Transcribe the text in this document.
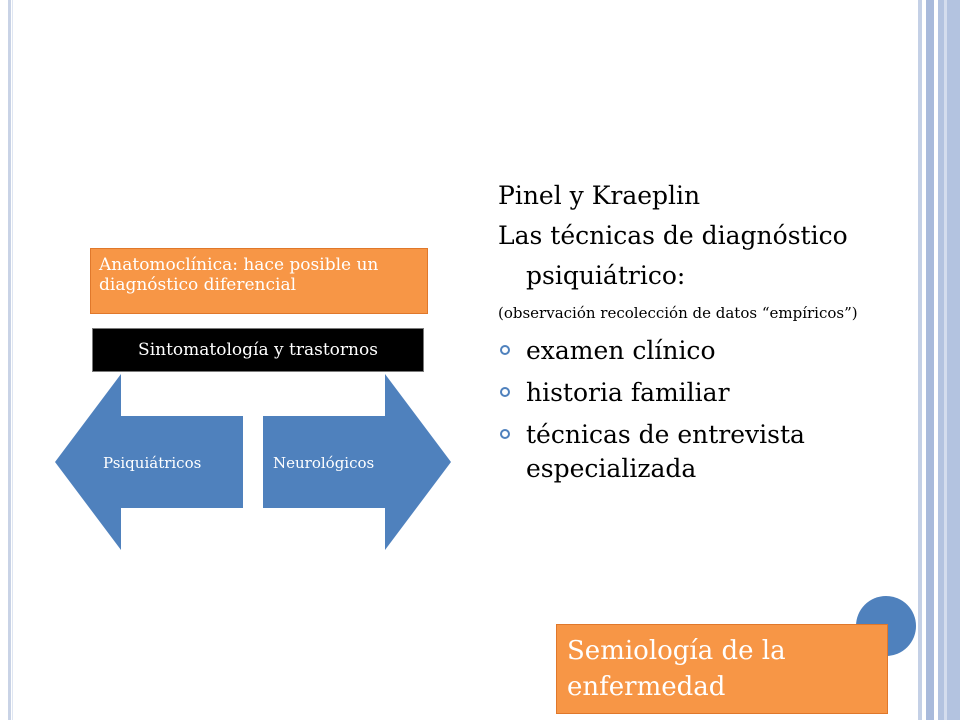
Psiquiátricos	Neurológicos
Anatomoclínica: hace posible un diagnóstico diferencial
Sintomatología y trastornos
Pinel y Kraeplin
Las técnicas de diagnóstico psiquiátrico:
(observación recolección de datos “empíricos”)
examen clínico
historia familiar
técnicas de entrevista especializada
Semiología de la enfermedad
